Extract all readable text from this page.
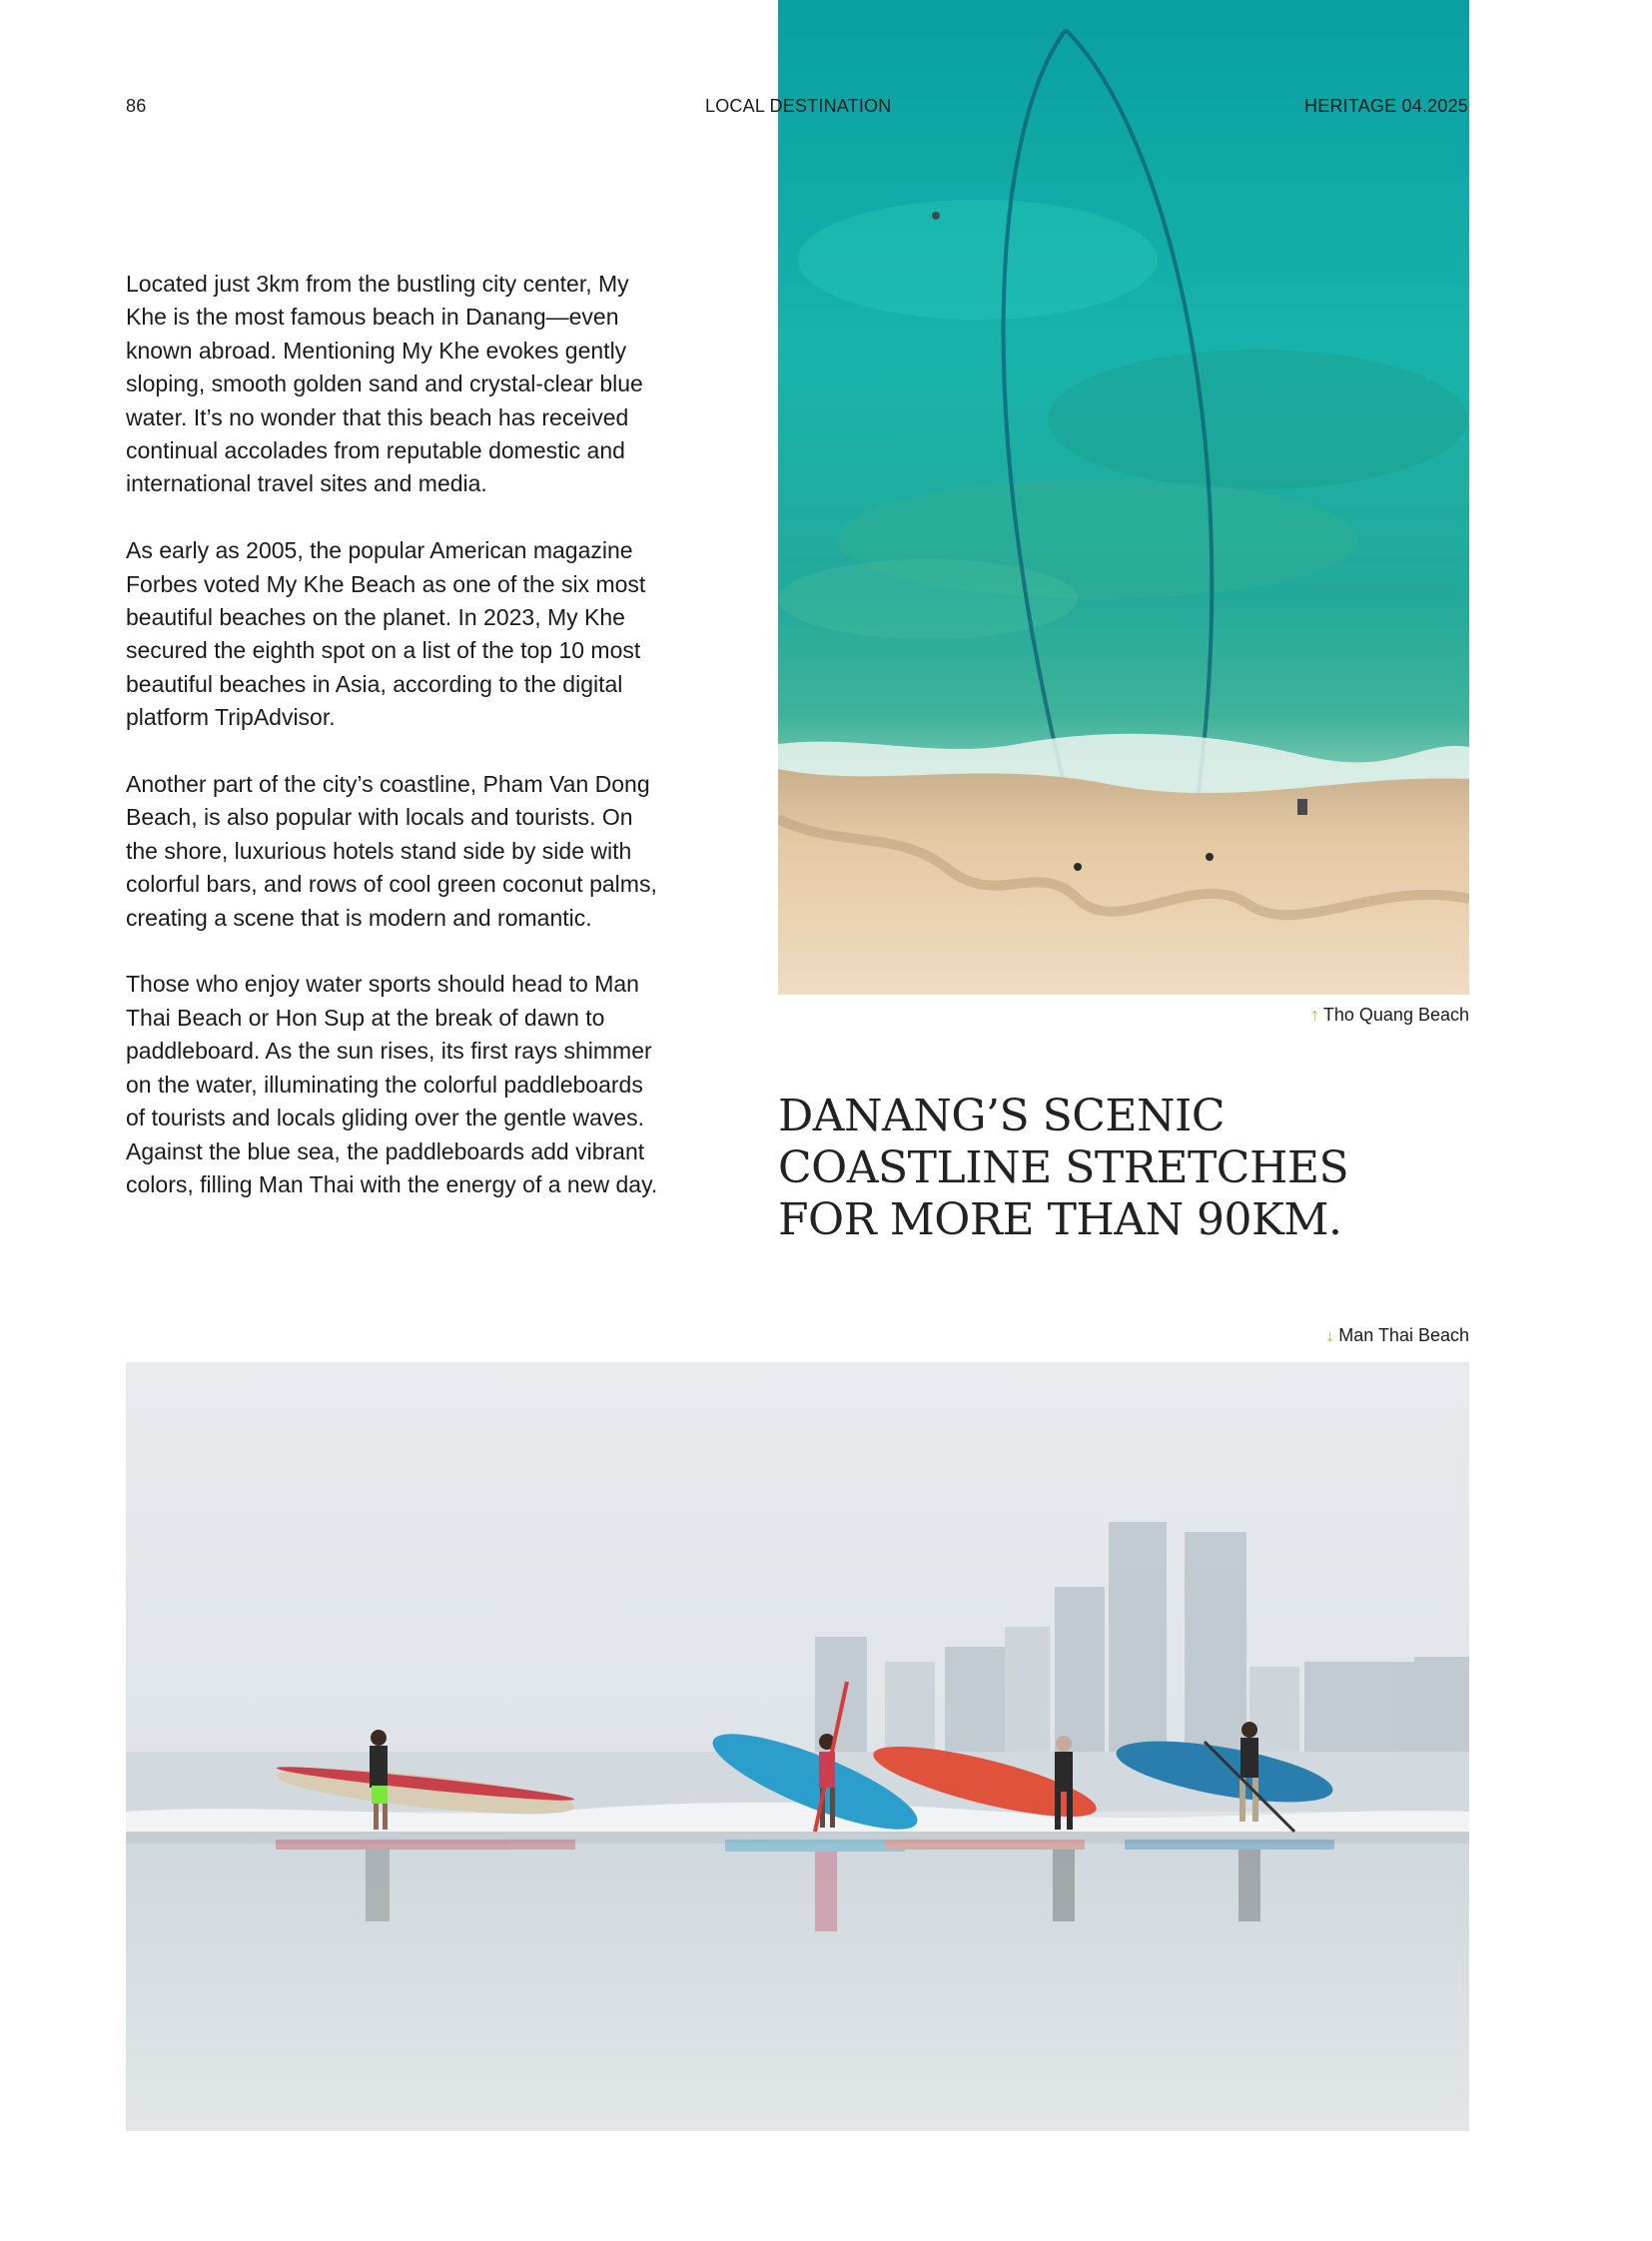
86	LOCAL DESTINATION	HERITAGE 04.2025

Located just 3km from the bustling city center, My Khe is the most famous beach in Danang—even known abroad. Mentioning My Khe evokes gently sloping, smooth golden sand and crystal-clear blue water. It’s no wonder that this beach has received continual accolades from reputable domestic and international travel sites and media.

As early as 2005, the popular American magazine Forbes voted My Khe Beach as one of the six most beautiful beaches on the planet. In 2023, My Khe secured the eighth spot on a list of the top 10 most beautiful beaches in Asia, according to the digital platform TripAdvisor.

Another part of the city’s coastline, Pham Van Dong Beach, is also popular with locals and tourists. On the shore, luxurious hotels stand side by side with colorful bars, and rows of cool green coconut palms, creating a scene that is modern and romantic.

Those who enjoy water sports should head to Man Thai Beach or Hon Sup at the break of dawn to paddleboard. As the sun rises, its first rays shimmer on the water, illuminating the colorful paddleboards of tourists and locals gliding over the gentle waves. Against the blue sea, the paddleboards add vibrant colors, filling Man Thai with the energy of a new day.

↑ Tho Quang Beach
DANANG’S SCENIC COASTLINE STRETCHES FOR MORE THAN 90KM.
↓ Man Thai Beach
